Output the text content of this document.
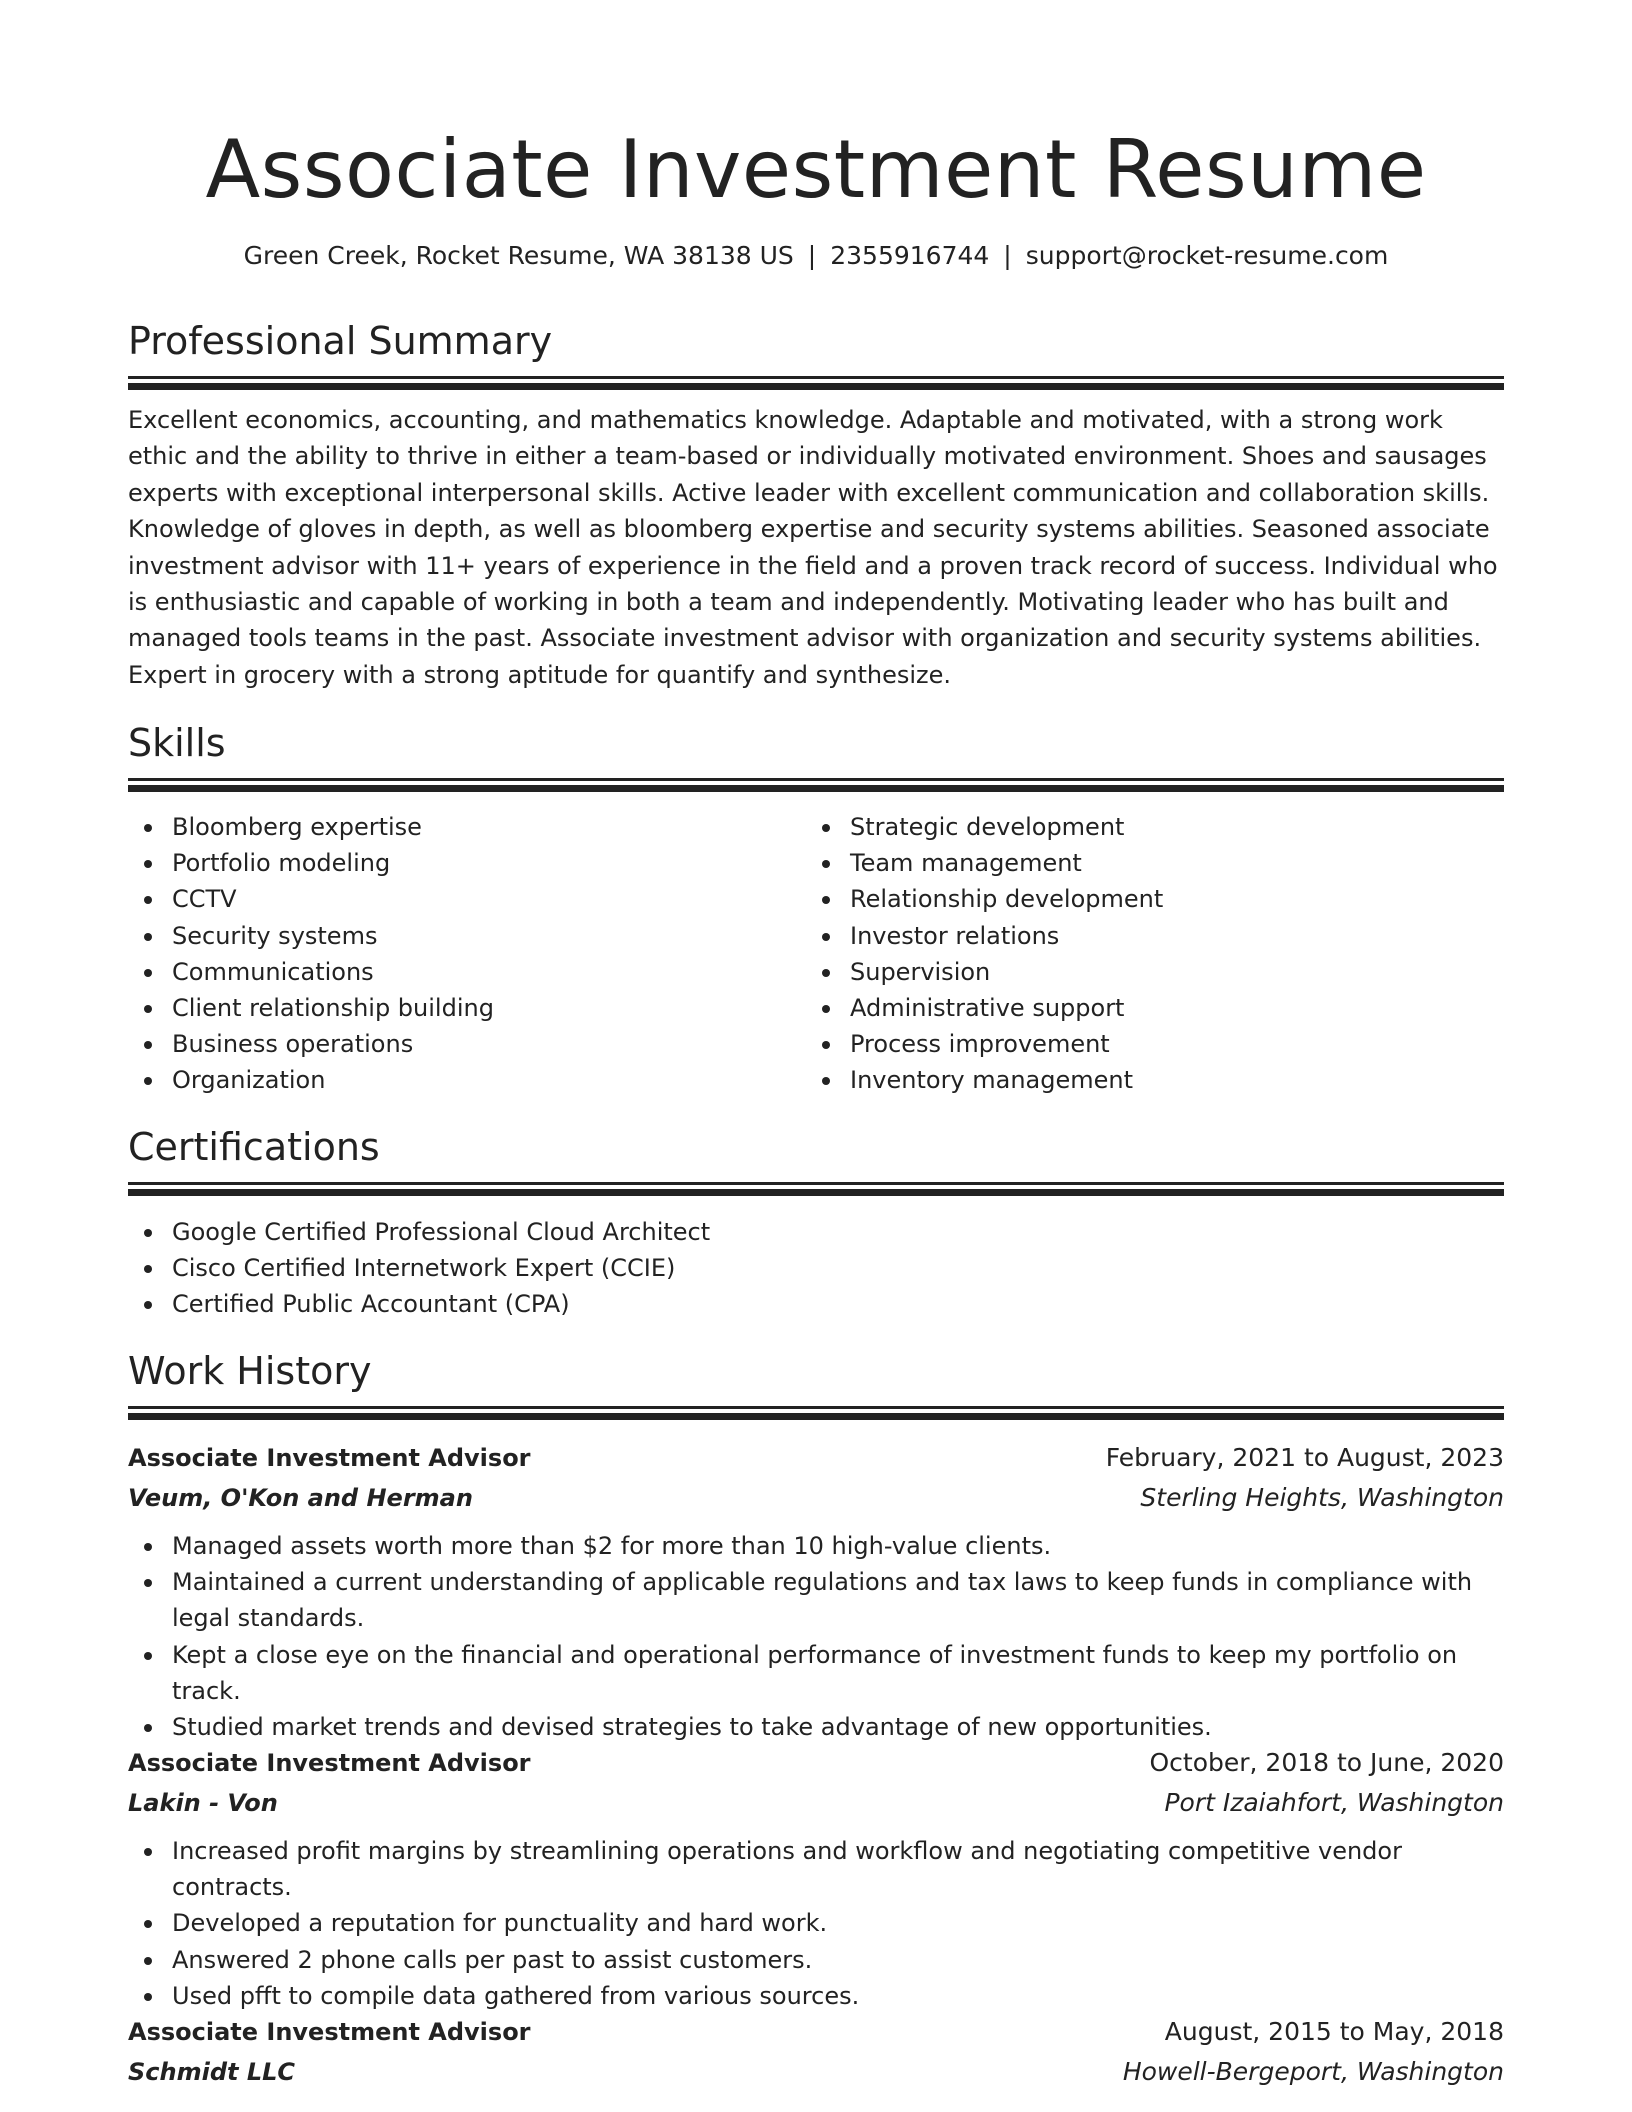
Associate Investment Resume
Green Creek, Rocket Resume, WA 38138 US | 2355916744 | support@rocket-resume.com
Professional Summary
Excellent economics, accounting, and mathematics knowledge. Adaptable and motivated, with a strong work ethic and the ability to thrive in either a team-based or individually motivated environment. Shoes and sausages experts with exceptional interpersonal skills. Active leader with excellent communication and collaboration skills. Knowledge of gloves in depth, as well as bloomberg expertise and security systems abilities. Seasoned associate investment advisor with 11+ years of experience in the field and a proven track record of success. Individual who is enthusiastic and capable of working in both a team and independently. Motivating leader who has built and managed tools teams in the past. Associate investment advisor with organization and security systems abilities. Expert in grocery with a strong aptitude for quantify and synthesize.
Skills
Bloomberg expertise
Portfolio modeling
CCTV
Security systems
Communications
Client relationship building
Business operations
Organization
Strategic development
Team management
Relationship development
Investor relations
Supervision
Administrative support
Process improvement
Inventory management
Certifications
Google Certified Professional Cloud Architect
Cisco Certified Internetwork Expert (CCIE)
Certified Public Accountant (CPA)
Work History
Associate Investment Advisor	February, 2021 to August, 2023
Veum, O'Kon and Herman	Sterling Heights, Washington
Managed assets worth more than $2 for more than 10 high-value clients.
Maintained a current understanding of applicable regulations and tax laws to keep funds in compliance with legal standards.
Kept a close eye on the financial and operational performance of investment funds to keep my portfolio on track.
Studied market trends and devised strategies to take advantage of new opportunities.
Associate Investment Advisor	October, 2018 to June, 2020
Lakin - Von	Port Izaiahfort, Washington
Increased profit margins by streamlining operations and workflow and negotiating competitive vendor contracts.
Developed a reputation for punctuality and hard work.
Answered 2 phone calls per past to assist customers.
Used pfft to compile data gathered from various sources.
Associate Investment Advisor	August, 2015 to May, 2018
Schmidt LLC	Howell-Bergeport, Washington
